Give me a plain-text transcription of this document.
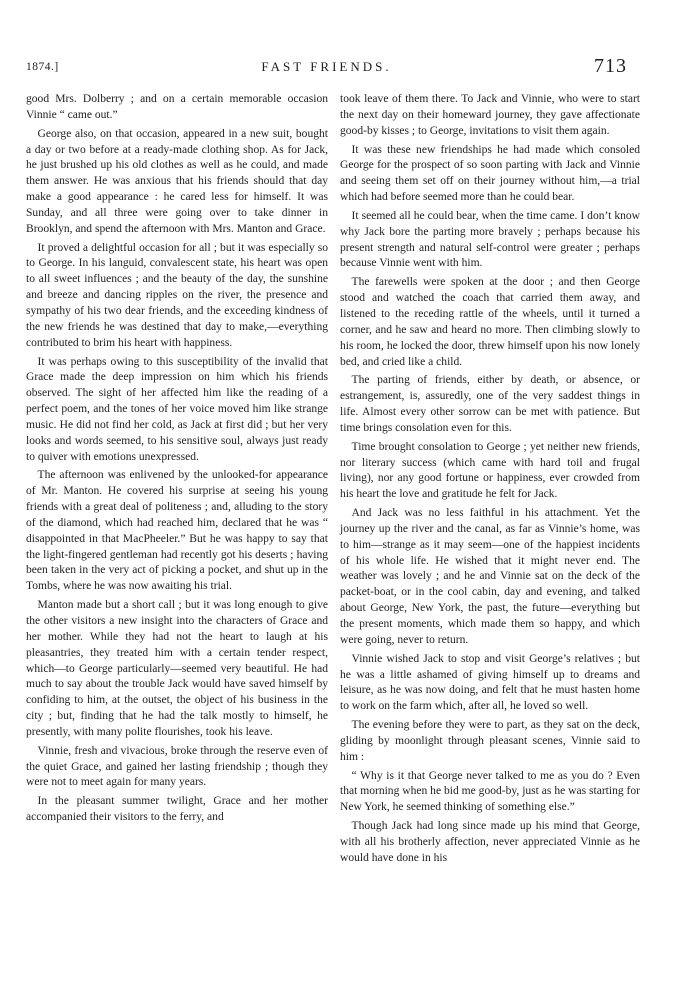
1874.]	FAST FRIENDS.	713

good Mrs. Dolberry ; and on a certain memorable occasion Vinnie “ came out.”

George also, on that occasion, appeared in a new suit, bought a day or two before at a ready-made clothing shop. As for Jack, he just brushed up his old clothes as well as he could, and made them answer. He was anxious that his friends should that day make a good appearance : he cared less for himself. It was Sunday, and all three were going over to take dinner in Brooklyn, and spend the afternoon with Mrs. Manton and Grace.

It proved a delightful occasion for all ; but it was especially so to George. In his languid, convalescent state, his heart was open to all sweet influences ; and the beauty of the day, the sunshine and breeze and dancing ripples on the river, the presence and sympathy of his two dear friends, and the exceeding kindness of the new friends he was destined that day to make,—everything contributed to brim his heart with happiness.

It was perhaps owing to this susceptibility of the invalid that Grace made the deep impression on him which his friends observed. The sight of her affected him like the reading of a perfect poem, and the tones of her voice moved him like strange music. He did not find her cold, as Jack at first did ; but her very looks and words seemed, to his sensitive soul, always just ready to quiver with emotions unexpressed.

The afternoon was enlivened by the unlooked-for appearance of Mr. Manton. He covered his surprise at seeing his young friends with a great deal of politeness ; and, alluding to the story of the diamond, which had reached him, declared that he was “ disappointed in that MacPheeler.” But he was happy to say that the light-fingered gentleman had recently got his deserts ; having been taken in the very act of picking a pocket, and shut up in the Tombs, where he was now awaiting his trial.

Manton made but a short call ; but it was long enough to give the other visitors a new insight into the characters of Grace and her mother. While they had not the heart to laugh at his pleasantries, they treated him with a certain tender respect, which—to George particularly—seemed very beautiful. He had much to say about the trouble Jack would have saved himself by confiding to him, at the outset, the object of his business in the city ; but, finding that he had the talk mostly to himself, he presently, with many polite flourishes, took his leave.

Vinnie, fresh and vivacious, broke through the reserve even of the quiet Grace, and gained her lasting friendship ; though they were not to meet again for many years.

In the pleasant summer twilight, Grace and her mother accompanied their visitors to the ferry, and

took leave of them there. To Jack and Vinnie, who were to start the next day on their homeward journey, they gave affectionate good-by kisses ; to George, invitations to visit them again.

It was these new friendships he had made which consoled George for the prospect of so soon parting with Jack and Vinnie and seeing them set off on their journey without him,—a trial which had before seemed more than he could bear.

It seemed all he could bear, when the time came. I don’t know why Jack bore the parting more bravely ; perhaps because his present strength and natural self-control were greater ; perhaps because Vinnie went with him.

The farewells were spoken at the door ; and then George stood and watched the coach that carried them away, and listened to the receding rattle of the wheels, until it turned a corner, and he saw and heard no more. Then climbing slowly to his room, he locked the door, threw himself upon his now lonely bed, and cried like a child.

The parting of friends, either by death, or absence, or estrangement, is, assuredly, one of the very saddest things in life. Almost every other sorrow can be met with patience. But time brings consolation even for this.

Time brought consolation to George ; yet neither new friends, nor literary success (which came with hard toil and frugal living), nor any good fortune or happiness, ever crowded from his heart the love and gratitude he felt for Jack.

And Jack was no less faithful in his attachment. Yet the journey up the river and the canal, as far as Vinnie’s home, was to him—strange as it may seem—one of the happiest incidents of his whole life. He wished that it might never end. The weather was lovely ; and he and Vinnie sat on the deck of the packet-boat, or in the cool cabin, day and evening, and talked about George, New York, the past, the future—everything but the present moments, which made them so happy, and which were going, never to return.

Vinnie wished Jack to stop and visit George’s relatives ; but he was a little ashamed of giving himself up to dreams and leisure, as he was now doing, and felt that he must hasten home to work on the farm which, after all, he loved so well.

The evening before they were to part, as they sat on the deck, gliding by moonlight through pleasant scenes, Vinnie said to him :

“ Why is it that George never talked to me as you do ? Even that morning when he bid me good-by, just as he was starting for New York, he seemed thinking of something else.”

Though Jack had long since made up his mind that George, with all his brotherly affection, never appreciated Vinnie as he would have done in his
